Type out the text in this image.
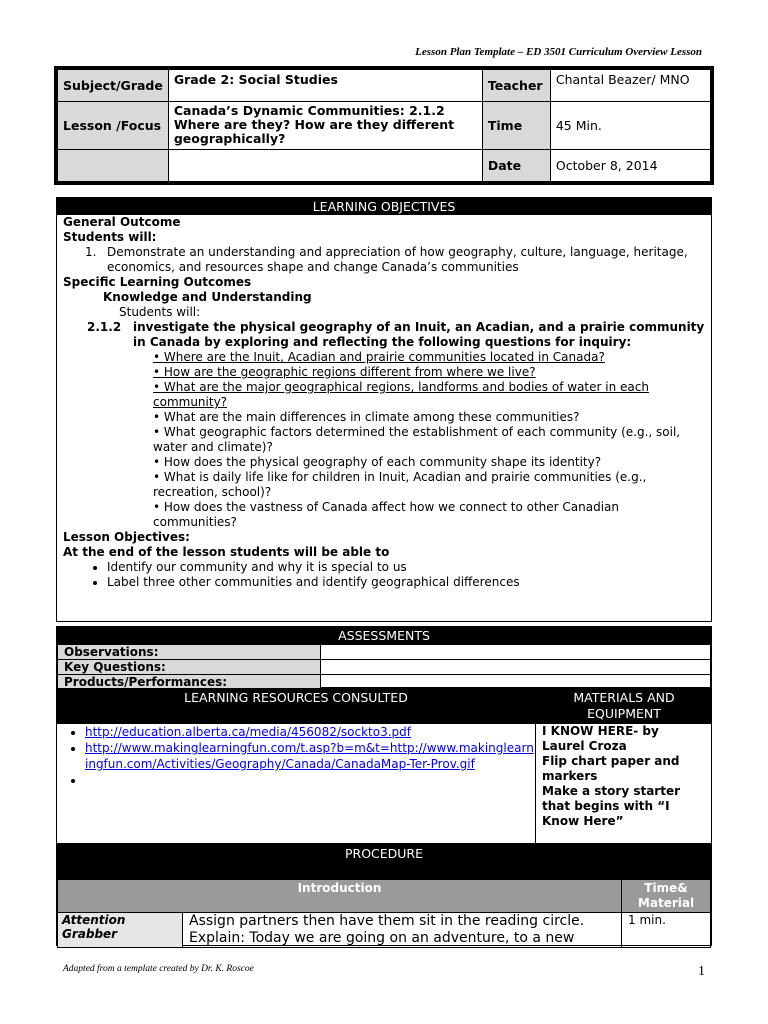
Lesson Plan Template – ED 3501 Curriculum Overview Lesson
Subject/Grade	Grade 2: Social Studies	Teacher	Chantal Beazer/ MNO
Lesson /Focus	Canada’s Dynamic Communities: 2.1.2 Where are they? How are they different geographically?	Time	45 Min.
		Date	October 8, 2014
LEARNING OBJECTIVES
General Outcome
Students will:
1. Demonstrate an understanding and appreciation of how geography, culture, language, heritage, economics, and resources shape and change Canada’s communities
Specific Learning Outcomes
Knowledge and Understanding
Students will:
2.1.2 investigate the physical geography of an Inuit, an Acadian, and a prairie community in Canada by exploring and reflecting the following questions for inquiry:
• Where are the Inuit, Acadian and prairie communities located in Canada?
• How are the geographic regions different from where we live?
• What are the major geographical regions, landforms and bodies of water in each community?
• What are the main differences in climate among these communities?
• What geographic factors determined the establishment of each community (e.g., soil, water and climate)?
• How does the physical geography of each community shape its identity?
• What is daily life like for children in Inuit, Acadian and prairie communities (e.g., recreation, school)?
• How does the vastness of Canada affect how we connect to other Canadian communities?
Lesson Objectives:
At the end of the lesson students will be able to
• Identify our community and why it is special to us
• Label three other communities and identify geographical differences
ASSESSMENTS
Observations:	
Key Questions:	
Products/Performances:	
LEARNING RESOURCES CONSULTED	MATERIALS AND EQUIPMENT
• http://education.alberta.ca/media/456082/sockto3.pdf
• http://www.makinglearningfun.com/t.asp?b=m&t=http://www.makinglearningfun.com/Activities/Geography/Canada/CanadaMap-Ter-Prov.gif
•
I KNOW HERE- by Laurel Croza
Flip chart paper and markers
Make a story starter that begins with “I Know Here”
PROCEDURE
Introduction		Time& Material
Attention Grabber	Assign partners then have them sit in the reading circle. Explain: Today we are going on an adventure, to a new	1 min.
Adapted from a template created by Dr. K. Roscoe	1
